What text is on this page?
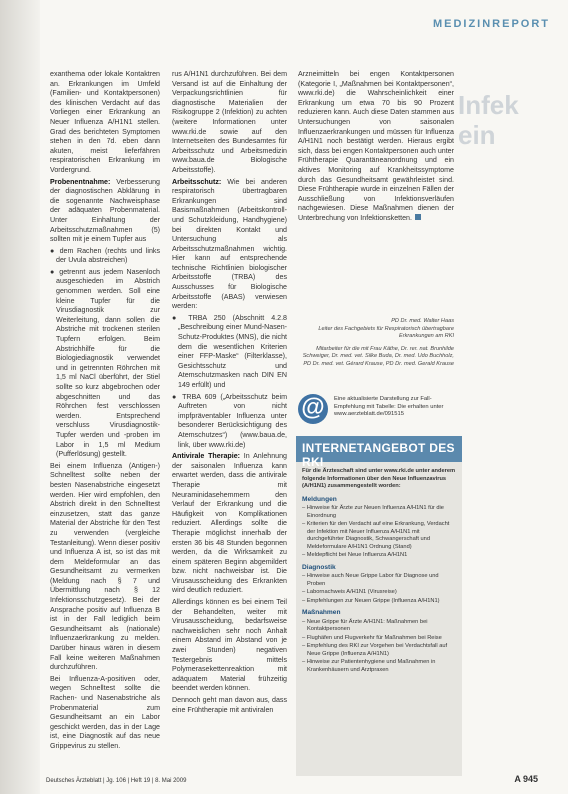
MEDIZINREPORT

exanthema oder lokale Kontaktren an. Erkrankungen im Umfeld (Familien- und Kontaktpersonen) des klinischen Verdacht auf das Vorliegen einer Erkrankung an Neuer Influenza A/H1N1 stellen. Grad des berichteten Symptomen stehen in den 7d. eben dann akuten, meist lieferfähren respiratorischen Erkrankung im Vordergrund.

Probenentnahme: Verbesserung der diagnostischen Abklärung in die sogenannte Nachweisphase der adäquaten Probenmaterial. Unter Einhaltung der Arbeitsschutzmaßnahmen (5) sollten mit je einem Tupfer aus

● dem Rachen (rechts und links der Uvula abstreichen)

● getrennt aus jedem Nasenloch ausgeschieden im Abstrich genommen werden. Soll eine kleine Tupfer für die Virusdiagnostik zur Weiterleitung, dann sollen die Abstriche mit trockenen sterilen Tupfern erfolgen. Beim Abstrichhilfe für die Biologiediagnostik verwendet und in getrennten Röhrchen mit 1,5 ml NaCl überführt, der Stiel sollte so kurz abgebrochen oder abgeschnitten und das Röhrchen fest verschlossen werden. Entsprechend verschluss Virusdiagnostik-Tupfer werden und -proben im Labor in 1,5 ml Medium (Pufferlösung) gestellt.

Bei einem Influenza (Antigen-) Schnelltest sollte neben der besten Nasenabstriche eingesetzt werden. Hier wird empfohlen, den Abstrich direkt in den Schnelltest einzusetzen, statt das ganze Material der Abstriche für den Test zu verwenden (vergleiche Testanleitung). Wenn dieser positiv und Influenza A ist, so ist das mit dem Meldeformular an das Gesundheitsamt zu vermerken (Meldung nach § 7 und Übermittlung nach § 12 Infektionsschutzgesetz). Bei der Ansprache positiv auf Influenza B ist in der Fall lediglich beim Gesundheitsamt als (nationale) Influenzaerkrankung zu melden. Darüber hinaus wären in diesem Fall keine weiteren Maßnahmen durchzuführen.

Bei Influenza-A-positiven oder, wegen Schnelltest sollte die Rachen- und Nasenabstriche als Probenmaterial zum Gesundheitsamt an ein Labor geschickt werden, das in der Lage ist, eine Diagnostik auf das neue Grippevirus zu stellen.

rus A/H1N1 durchzuführen. Bei dem Versand ist auf die Einhaltung der Verpackungsrichtlinien für diagnostische Materialien der Risikogruppe 2 (Infektion) zu achten (weitere Informationen unter www.rki.de sowie auf den Internetseiten des Bundesamtes für Arbeitsschutz und Arbeitsmedizin www.baua.de Biologische Arbeitsstoffe).

Arbeitsschutz: Wie bei anderen respiratorisch übertragbaren Erkrankungen sind Basismaßnahmen (Arbeitskontroll- und Schutzkleidung, Handhygiene) bei direkten Kontakt und Untersuchung als Arbeitsschutzmaßnahmen wichtig. Hier kann auf entsprechende technische Richtlinien biologischer Arbeitsstoffe (TRBA) des Ausschusses für Biologische Arbeitsstoffe (ABAS) verwiesen werden:

● TRBA 250 (Abschnitt 4.2.8 „Beschreibung einer Mund-Nasen-Schutz-Produktes (MNS), die nicht dem die wesentlichen Kriterien einer FFP-Maske“ (Filterklasse), Gesichtsschutz und Atemschutzmasken nach DIN EN 149 erfüllt) und

● TRBA 609 („Arbeitsschutz beim Auftreten von nicht impfpräventabler Influenza unter besonderer Berücksichtigung des Atemschutzes“) (www.baua.de, link, über www.rki.de)

Antivirale Therapie: In Anlehnung der saisonalen Influenza kann erwartet werden, dass die antivirale Therapie mit Neuraminidasehemmern den Verlauf der Erkrankung und die Häufigkeit von Komplikationen reduziert. Allerdings sollte die Therapie möglichst innerhalb der ersten 36 bis 48 Stunden begonnen werden, da die Wirksamkeit zu einem späteren Beginn abgemildert bzw. nicht nachweisbar ist. Die Virusausscheidung des Erkrankten wird deutlich reduziert.

Allerdings können es bei einem Teil der Behandelten, weiter mit Virusausscheidung, bedarfsweise nachweislichen sehr noch Anhalt einem Abstand im Abstand von je zwei Stunden) negativen Testergebnis mittels Polymerasekettenreaktion mit adäquatem Material frühzeitig beendet werden können.

Dennoch geht man davon aus, dass eine Frühtherapie mit antiviralen

Arzneimitteln bei engen Kontaktpersonen (Kategorie I, „Maßnahmen bei Kontaktpersonen“, www.rki.de) die Wahrscheinlichkeit einer Erkrankung um etwa 70 bis 90 Prozent reduzieren kann. Auch diese Daten stammen aus Untersuchungen von saisonalen Influenzaerkrankungen und müssen für Influenza A/H1N1 noch bestätigt werden. Hieraus ergibt sich, dass bei engen Kontaktpersonen auch unter Frühtherapie Quarantäneanordnung und ein aktives Monitoring auf Krankheitssymptome durch das Gesundheitsamt gewährleistet sind. Diese Frühtherapie wurde in einzelnen Fällen der Ausschließung von Infektionsverläufen nachgewiesen. Diese Maßnahmen dienen der Unterbrechung von Infektionsketten.

Infek
ein

PD Dr. med. Walter Haas
Leiter des Fachgebiets für Respiratorisch übertragbare Erkrankungen am RKI

Mitarbeiter für die mit Frau Käthe, Dr. rer. nat. Brunhilde Schweiger, Dr. med. vet. Silke Buda, Dr. med. Udo Buchholz, PD Dr. med. vet. Gérard Krause, PD Dr. med. Gerald Krause

@	Eine aktualisierte Darstellung zur Fall-Empfehlung mit Tabelle: Die erhalten unter www.aerzteblatt.de/091515
INTERNETANGEBOT DES RKI
Für die Ärzteschaft sind unter www.rki.de unter anderem folgende Informationen über den Neue Influenzavirus (A/H1N1) zusammengestellt worden:
Meldungen
– Hinweise für Ärzte zur Neuen Influenza A/H1N1 für die Einordnung
– Kriterien für den Verdacht auf eine Erkrankung, Verdacht der Infektion mit Neuer Influenza A/H1N1 mit durchgeführter Diagnostik, Schwangerschaft und Meldeformulare A/H1N1 Ordnung (Stand)
– Meldepflicht bei Neue Influenza A/H1N1
Diagnostik
– Hinweise auch Neue Grippe Labor für Diagnose und Proben
– Labornachweis A/H1N1 (Virusreise)
– Empfehlungen zur Neuen Grippe (Influenza A/H1N1)
Maßnahmen
– Neue Grippe für Ärzte A/H1N1: Maßnahmen bei Kontaktpersonen
– Flughäfen und Flugverkehr für Maßnahmen bei Reise
– Empfehlung des RKI zur Vorgehen bei Verdachtsfall auf Neue Grippe (Influenza A/H1N1)
– Hinweise zur Patientenhygiene und Maßnahmen in Krankenhäusern und Arztpraxen
Deutsches Ärzteblatt | Jg. 106 | Heft 19 | 8. Mai 2009	A 945
